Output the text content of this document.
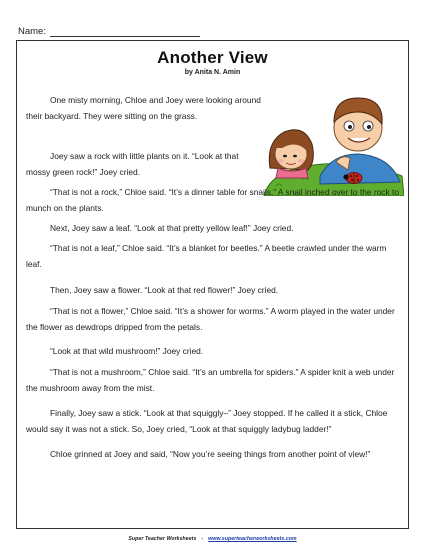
Name:
Another View
by Anita N. Amin

One misty morning, Chloe and Joey were looking around their backyard. They were sitting on the grass.

Joey saw a rock with little plants on it. “Look at that mossy green rock!” Joey cried.

“That is not a rock,” Chloe said. “It’s a dinner table for snails.” A snail inched over to the rock to munch on the plants.

Next, Joey saw a leaf. “Look at that pretty yellow leaf!” Joey cried.

“That is not a leaf,” Chloe said. “It’s a blanket for beetles.” A beetle crawled under the warm leaf.

Then, Joey saw a flower. “Look at that red flower!” Joey cried.

“That is not a flower,” Chloe said. “It’s a shower for worms.” A worm played in the water under the flower as dewdrops dripped from the petals.

“Look at that wild mushroom!” Joey cried.

“That is not a mushroom,” Chloe said. “It’s an umbrella for spiders.” A spider knit a web under the mushroom away from the mist.

Finally, Joey saw a stick. “Look at that squiggly–” Joey stopped. If he called it a stick, Chloe would say it was not a stick. So, Joey cried, “Look at that squiggly ladybug ladder!”

Chloe grinned at Joey and said, “Now you’re seeing things from another point of view!”

Super Teacher Worksheets - www.superteacherworksheets.com
